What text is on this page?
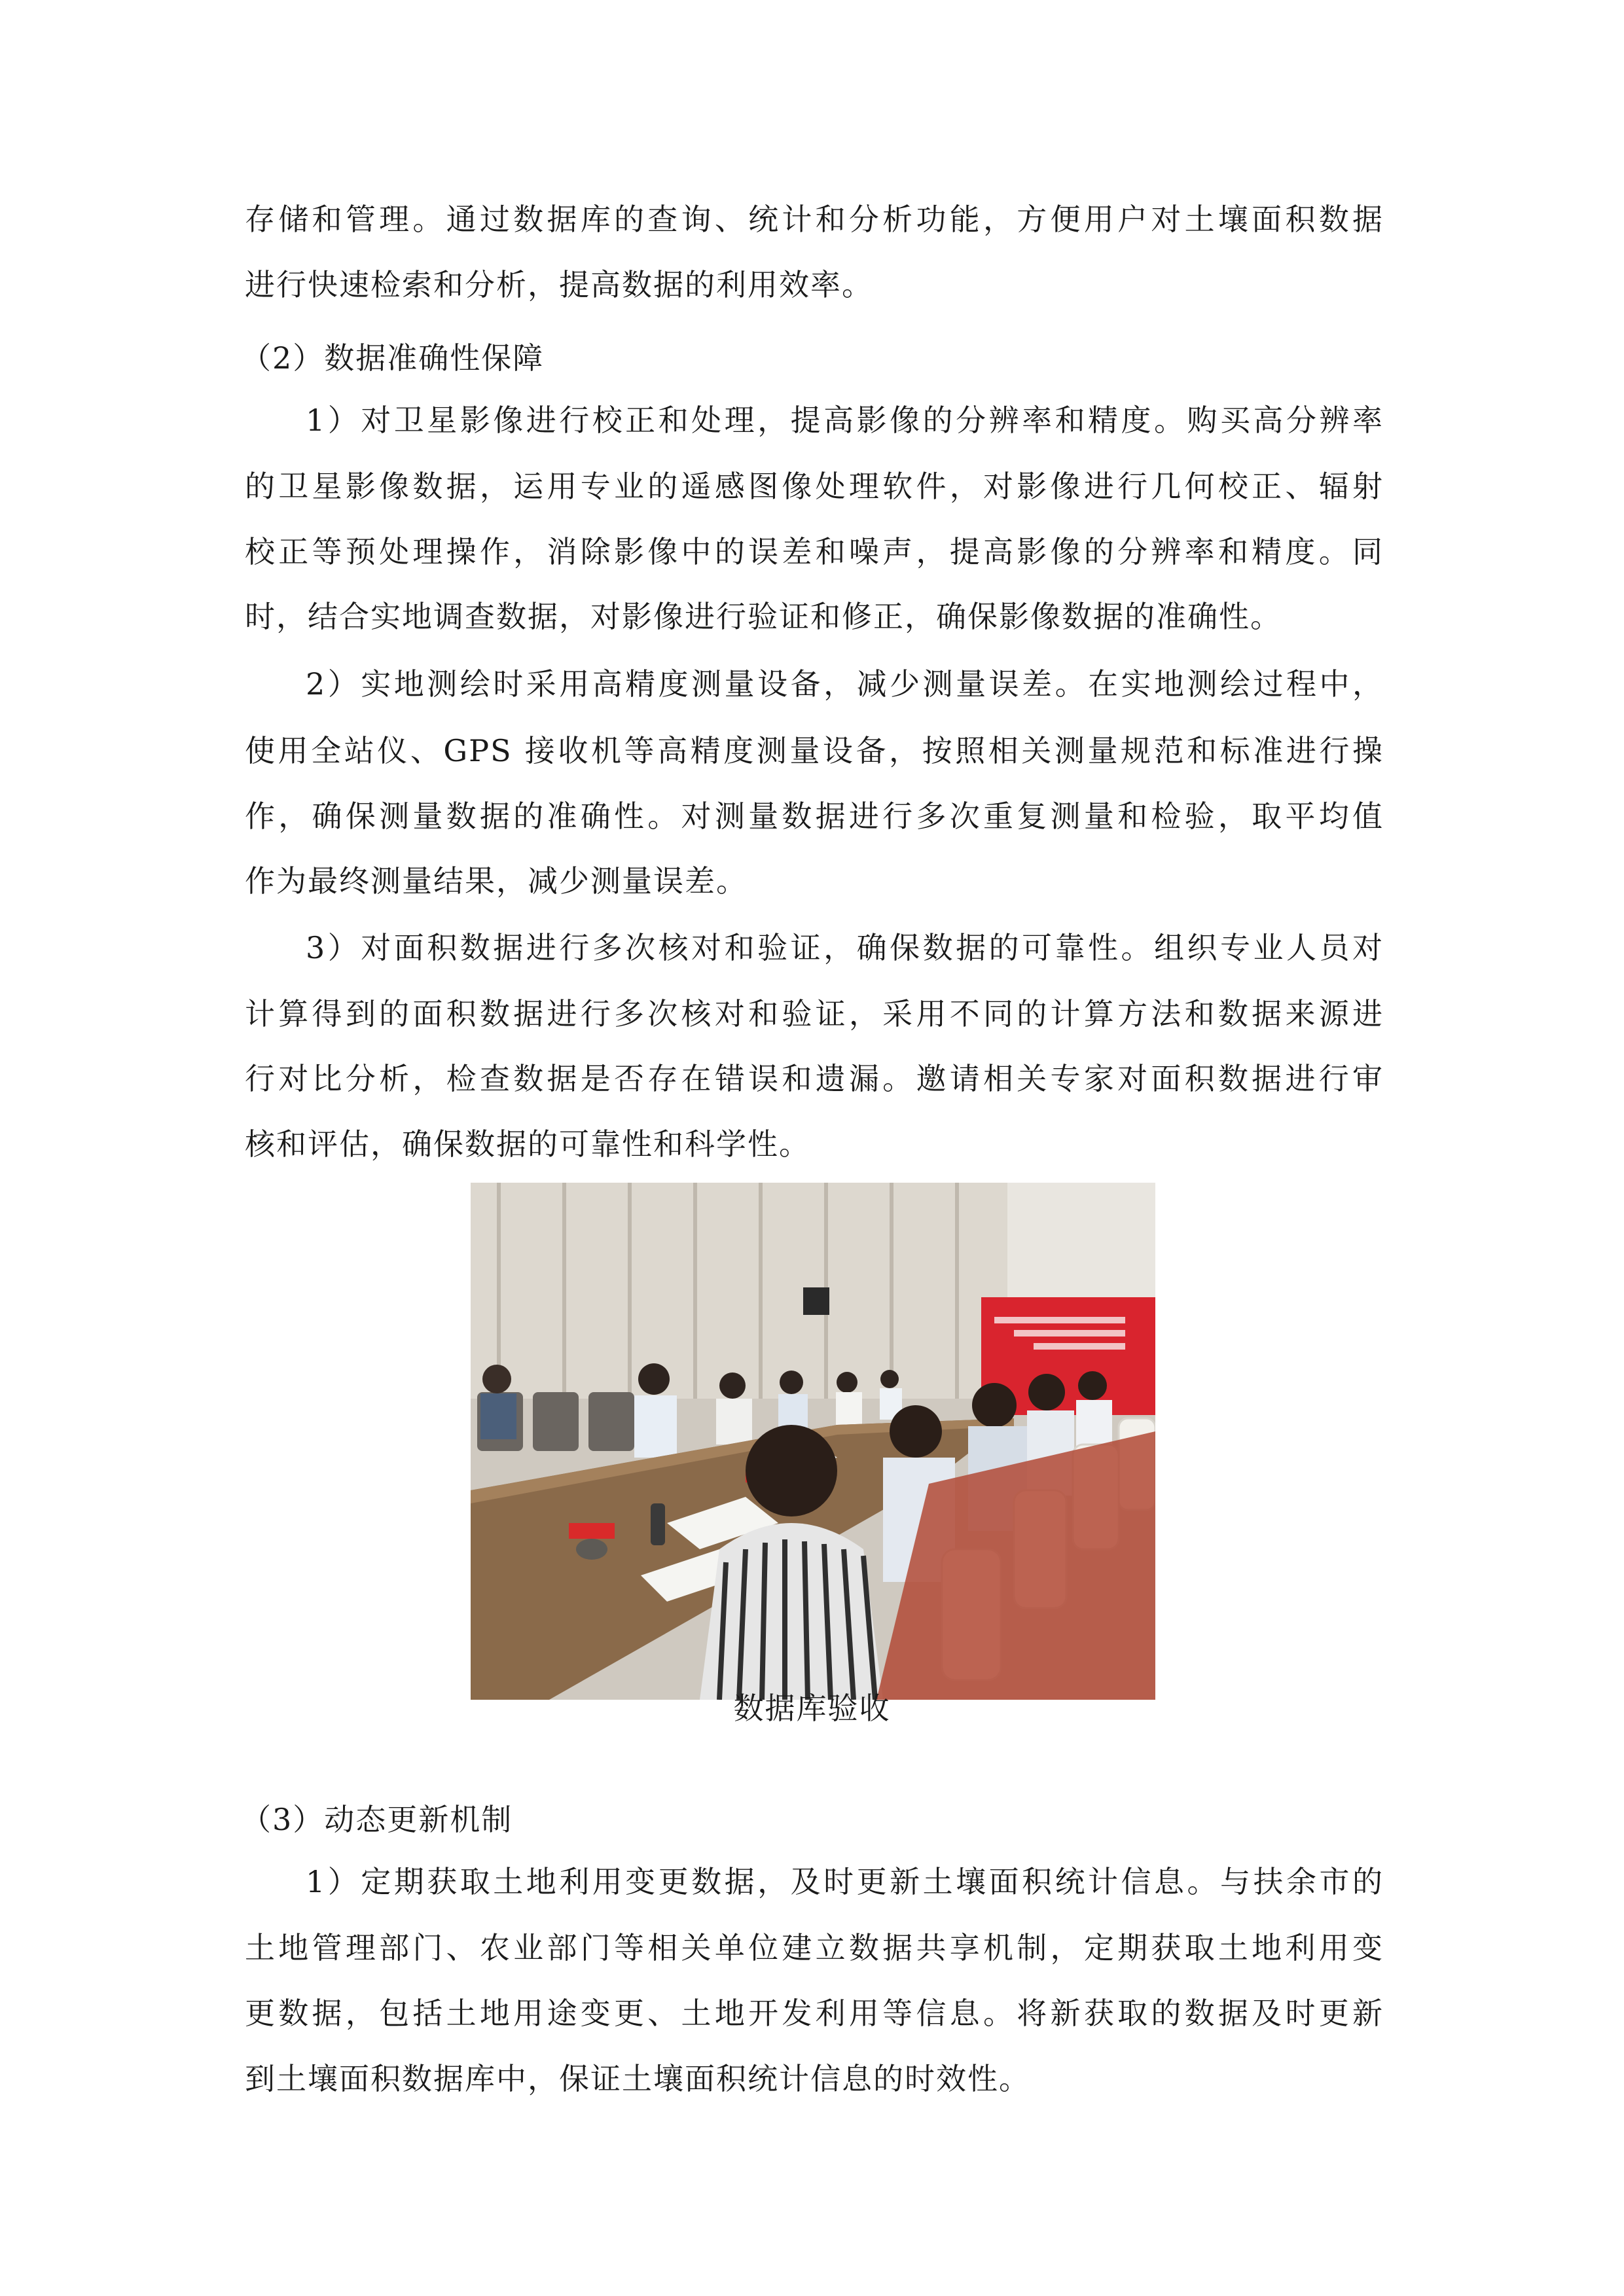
存储和管理。通过数据库的查询、统计和分析功能，方便用户对土壤面积数据
进行快速检索和分析，提高数据的利用效率。
（2）数据准确性保障
1）对卫星影像进行校正和处理，提高影像的分辨率和精度。购买高分辨率
的卫星影像数据，运用专业的遥感图像处理软件，对影像进行几何校正、辐射
校正等预处理操作，消除影像中的误差和噪声，提高影像的分辨率和精度。同
时，结合实地调查数据，对影像进行验证和修正，确保影像数据的准确性。
2）实地测绘时采用高精度测量设备，减少测量误差。在实地测绘过程中，
使用全站仪、GPS 接收机等高精度测量设备，按照相关测量规范和标准进行操
作，确保测量数据的准确性。对测量数据进行多次重复测量和检验，取平均值
作为最终测量结果，减少测量误差。
3）对面积数据进行多次核对和验证，确保数据的可靠性。组织专业人员对
计算得到的面积数据进行多次核对和验证，采用不同的计算方法和数据来源进
行对比分析，检查数据是否存在错误和遗漏。邀请相关专家对面积数据进行审
核和评估，确保数据的可靠性和科学性。
数据库验收
（3）动态更新机制
1）定期获取土地利用变更数据，及时更新土壤面积统计信息。与扶余市的
土地管理部门、农业部门等相关单位建立数据共享机制，定期获取土地利用变
更数据，包括土地用途变更、土地开发利用等信息。将新获取的数据及时更新
到土壤面积数据库中，保证土壤面积统计信息的时效性。
